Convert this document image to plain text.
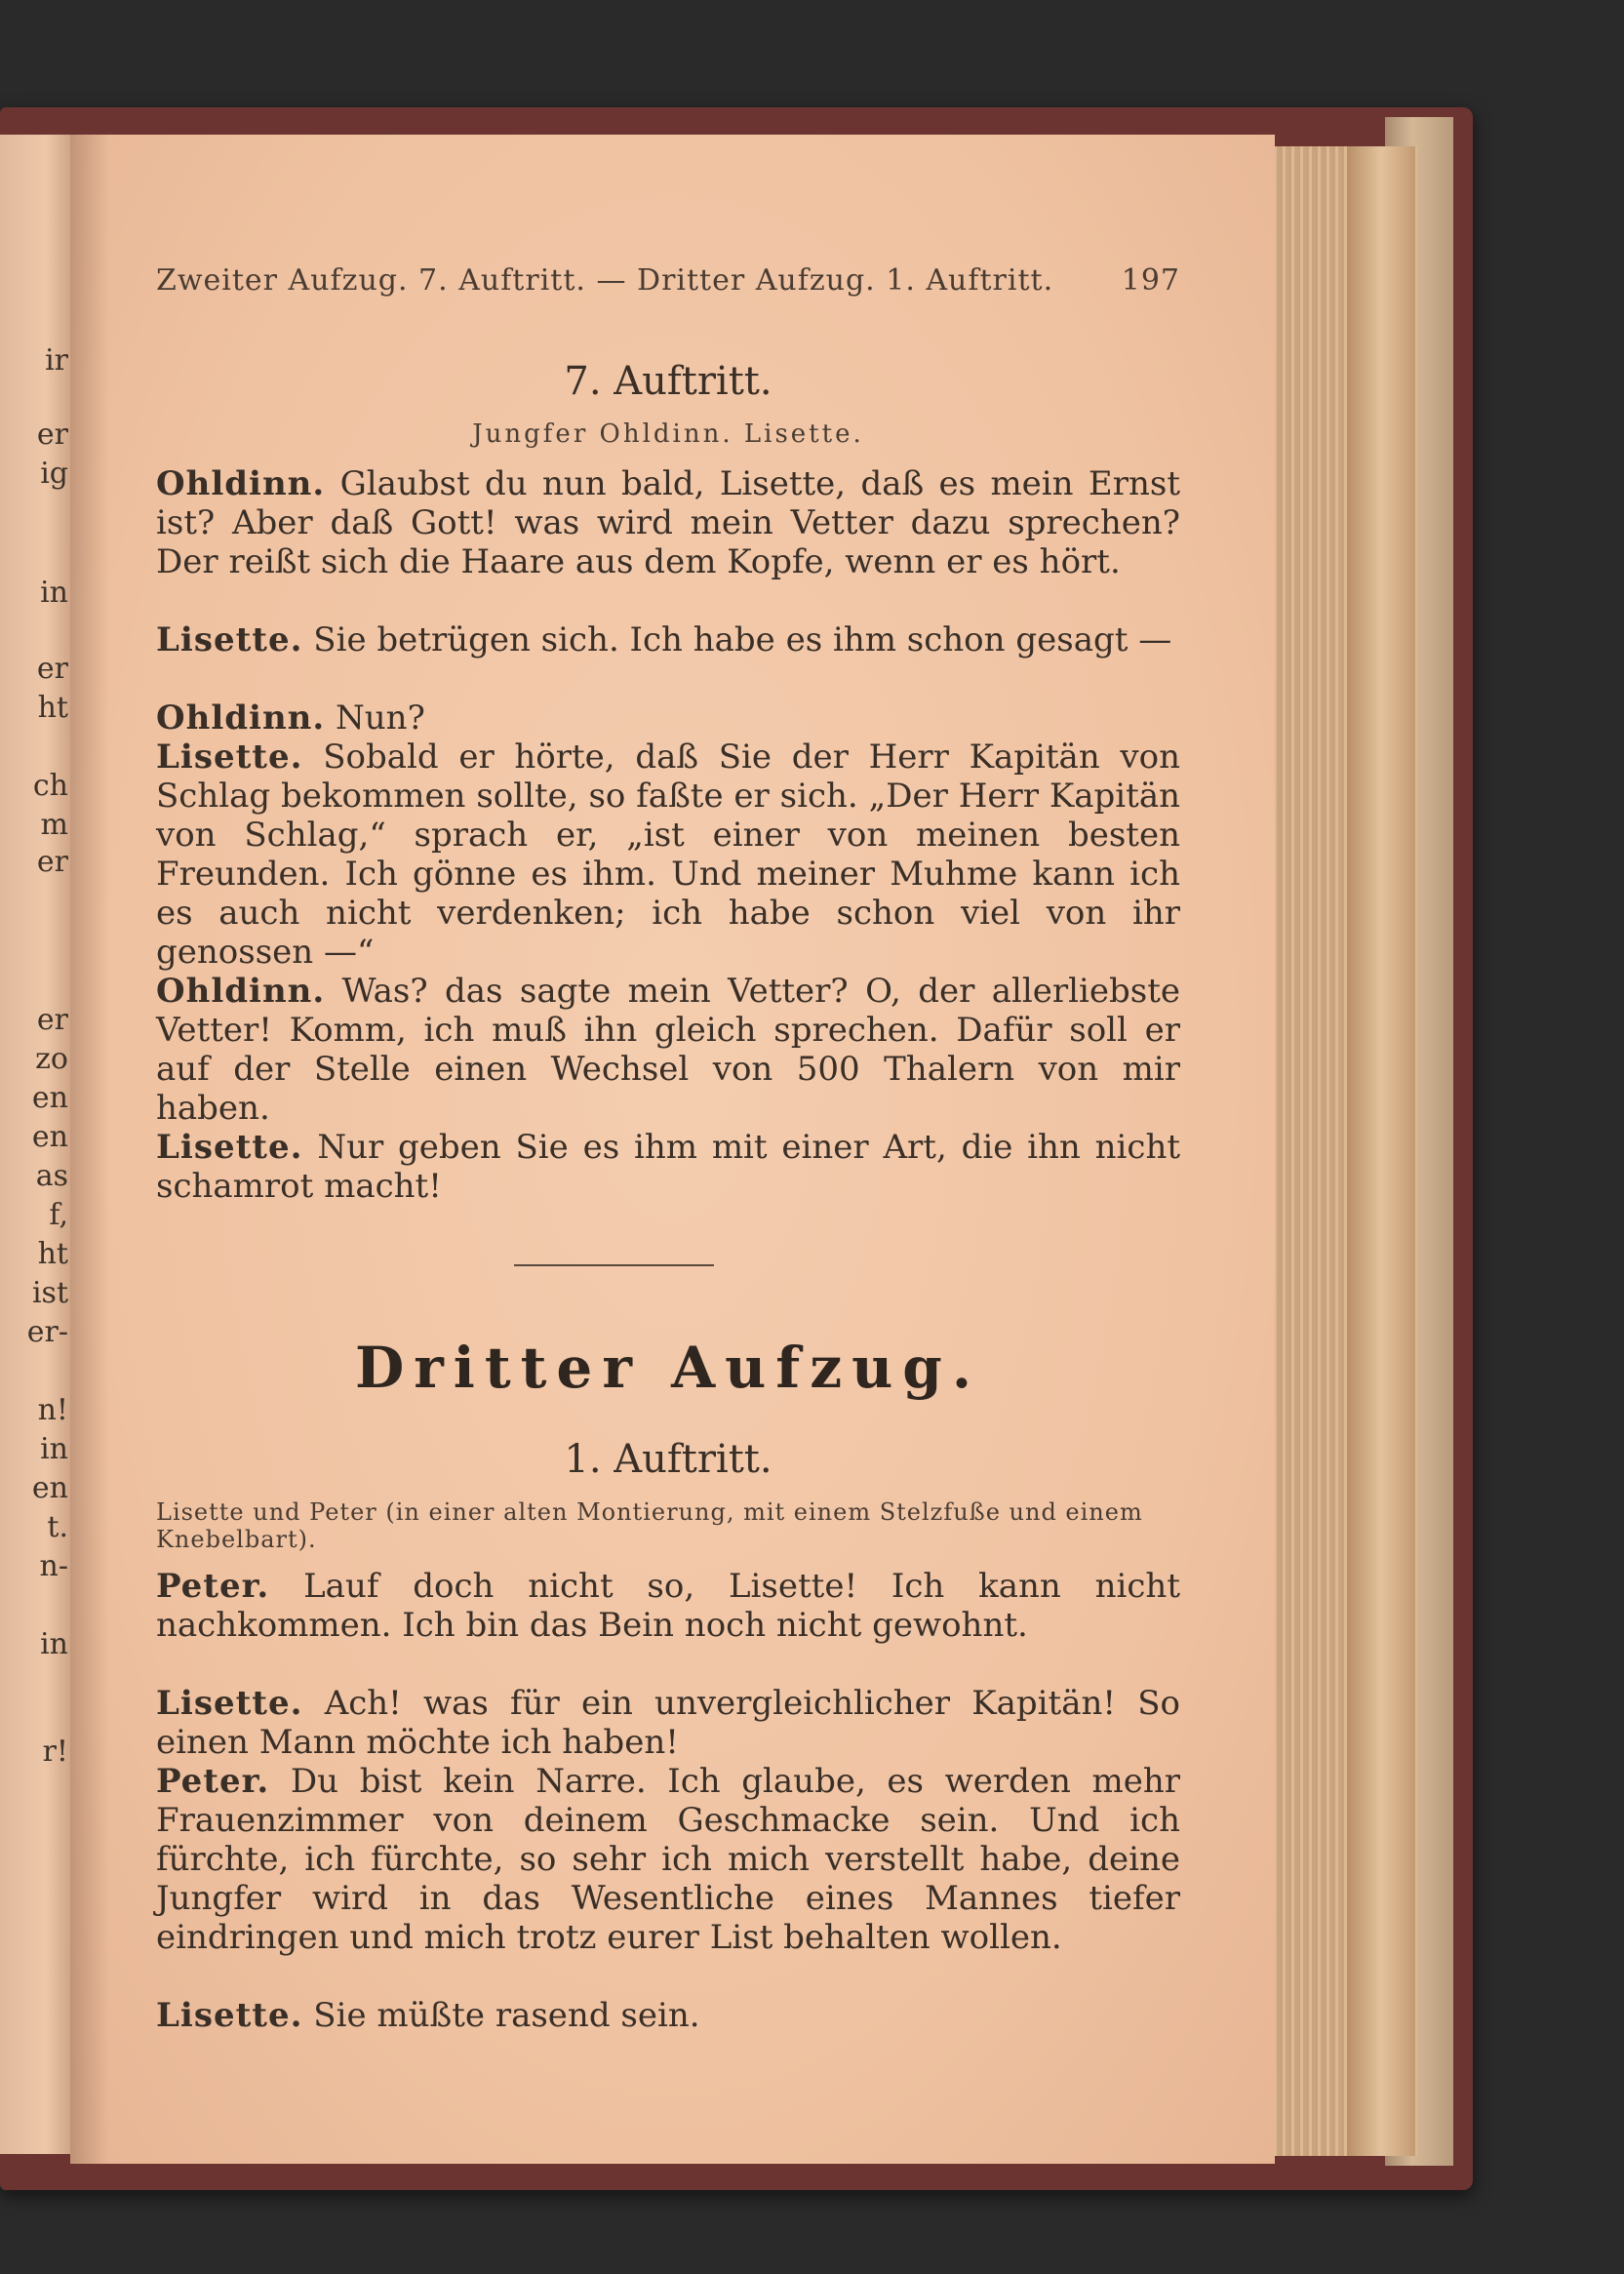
ir
er
ig
in
er
ht
ch
m
er
er
zo
en
en
as
f,
ht
ist
er-
n!
in
en
t.
n-
in
r!
Zweiter Aufzug. 7. Auftritt. — Dritter Aufzug. 1. Auftritt. 197
7. Auftritt.
Jungfer Ohldinn. Lisette.
Ohldinn. Glaubst du nun bald, Lisette, daß es mein Ernst ist? Aber daß Gott! was wird mein Vetter dazu sprechen? Der reißt sich die Haare aus dem Kopfe, wenn er es hört.
Lisette. Sie betrügen sich. Ich habe es ihm schon gesagt —
Ohldinn. Nun?
Lisette. Sobald er hörte, daß Sie der Herr Kapitän von Schlag bekommen sollte, so faßte er sich. „Der Herr Kapitän von Schlag,“ sprach er, „ist einer von meinen besten Freunden. Ich gönne es ihm. Und meiner Muhme kann ich es auch nicht verdenken; ich habe schon viel von ihr genossen —“
Ohldinn. Was? das sagte mein Vetter? O, der allerliebste Vetter! Komm, ich muß ihn gleich sprechen. Dafür soll er auf der Stelle einen Wechsel von 500 Thalern von mir haben.
Lisette. Nur geben Sie es ihm mit einer Art, die ihn nicht schamrot macht!
Dritter Aufzug.
1. Auftritt.
Lisette und Peter (in einer alten Montierung, mit einem Stelzfuße und einem Knebelbart).
Peter. Lauf doch nicht so, Lisette! Ich kann nicht nachkommen. Ich bin das Bein noch nicht gewohnt.
Lisette. Ach! was für ein unvergleichlicher Kapitän! So einen Mann möchte ich haben!
Peter. Du bist kein Narre. Ich glaube, es werden mehr Frauenzimmer von deinem Geschmacke sein. Und ich fürchte, ich fürchte, so sehr ich mich verstellt habe, deine Jungfer wird in das Wesentliche eines Mannes tiefer eindringen und mich trotz eurer List behalten wollen.
Lisette. Sie müßte rasend sein.
